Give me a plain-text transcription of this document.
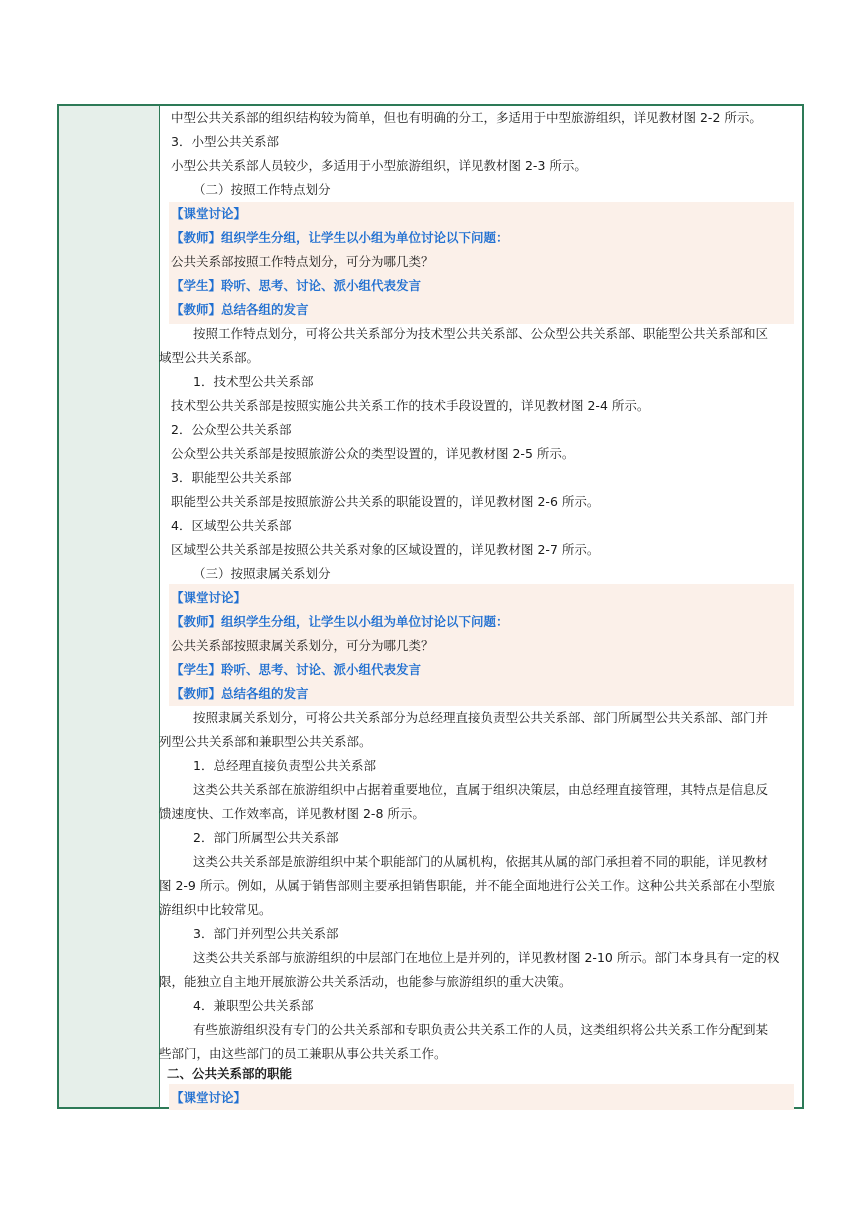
中型公共关系部的组织结构较为简单，但也有明确的分工，多适用于中型旅游组织，详见教材图 2-2 所示。
3．小型公共关系部
小型公共关系部人员较少，多适用于小型旅游组织，详见教材图 2-3 所示。
（二）按照工作特点划分
【课堂讨论】
【教师】组织学生分组，让学生以小组为单位讨论以下问题：
公共关系部按照工作特点划分，可分为哪几类？
【学生】聆听、思考、讨论、派小组代表发言
【教师】总结各组的发言
按照工作特点划分，可将公共关系部分为技术型公共关系部、公众型公共关系部、职能型公共关系部和区
域型公共关系部。
1．技术型公共关系部
技术型公共关系部是按照实施公共关系工作的技术手段设置的，详见教材图 2-4 所示。
2．公众型公共关系部
公众型公共关系部是按照旅游公众的类型设置的，详见教材图 2-5 所示。
3．职能型公共关系部
职能型公共关系部是按照旅游公共关系的职能设置的，详见教材图 2-6 所示。
4．区域型公共关系部
区域型公共关系部是按照公共关系对象的区域设置的，详见教材图 2-7 所示。
（三）按照隶属关系划分
【课堂讨论】
【教师】组织学生分组，让学生以小组为单位讨论以下问题：
公共关系部按照隶属关系划分，可分为哪几类？
【学生】聆听、思考、讨论、派小组代表发言
【教师】总结各组的发言
按照隶属关系划分，可将公共关系部分为总经理直接负责型公共关系部、部门所属型公共关系部、部门并
列型公共关系部和兼职型公共关系部。
1．总经理直接负责型公共关系部
这类公共关系部在旅游组织中占据着重要地位，直属于组织决策层，由总经理直接管理，其特点是信息反
馈速度快、工作效率高，详见教材图 2-8 所示。
2．部门所属型公共关系部
这类公共关系部是旅游组织中某个职能部门的从属机构，依据其从属的部门承担着不同的职能，详见教材
图 2-9 所示。例如，从属于销售部则主要承担销售职能，并不能全面地进行公关工作。这种公共关系部在小型旅
游组织中比较常见。
3．部门并列型公共关系部
这类公共关系部与旅游组织的中层部门在地位上是并列的，详见教材图 2-10 所示。部门本身具有一定的权
限，能独立自主地开展旅游公共关系活动，也能参与旅游组织的重大决策。
4．兼职型公共关系部
有些旅游组织没有专门的公共关系部和专职负责公共关系工作的人员，这类组织将公共关系工作分配到某
些部门，由这些部门的员工兼职从事公共关系工作。
二、公共关系部的职能
【课堂讨论】
